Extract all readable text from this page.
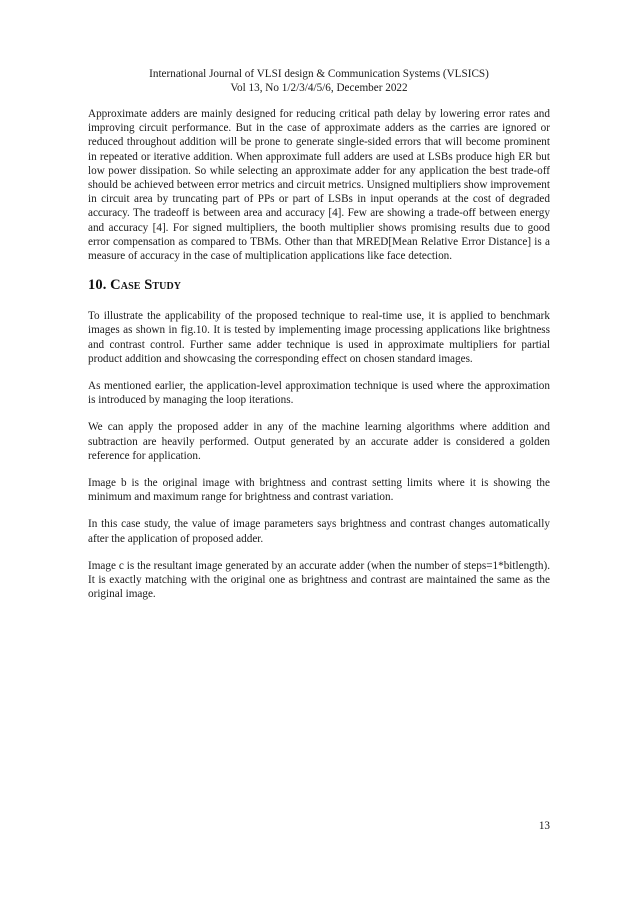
International Journal of VLSI design & Communication Systems (VLSICS)
Vol 13, No 1/2/3/4/5/6, December 2022

Approximate adders are mainly designed for reducing critical path delay by lowering error rates and improving circuit performance. But in the case of approximate adders as the carries are ignored or reduced throughout addition will be prone to generate single-sided errors that will become prominent in repeated or iterative addition. When approximate full adders are used at LSBs produce high ER but low power dissipation. So while selecting an approximate adder for any application the best trade-off should be achieved between error metrics and circuit metrics. Unsigned multipliers show improvement in circuit area by truncating part of PPs or part of LSBs in input operands at the cost of degraded accuracy. The tradeoff is between area and accuracy [4]. Few are showing a trade-off between energy and accuracy [4]. For signed multipliers, the booth multiplier shows promising results due to good error compensation as compared to TBMs. Other than that MRED[Mean Relative Error Distance] is a measure of accuracy in the case of multiplication applications like face detection.

10. Case Study

To illustrate the applicability of the proposed technique to real-time use, it is applied to benchmark images as shown in fig.10. It is tested by implementing image processing applications like brightness and contrast control. Further same adder technique is used in approximate multipliers for partial product addition and showcasing the corresponding effect on chosen standard images.

As mentioned earlier, the application-level approximation technique is used where the approximation is introduced by managing the loop iterations.

We can apply the proposed adder in any of the machine learning algorithms where addition and subtraction are heavily performed. Output generated by an accurate adder is considered a golden reference for application.

Image b is the original image with brightness and contrast setting limits where it is showing the minimum and maximum range for brightness and contrast variation.

In this case study, the value of image parameters says brightness and contrast changes automatically after the application of proposed adder.

Image c is the resultant image generated by an accurate adder (when the number of steps=1*bitlength). It is exactly matching with the original one as brightness and contrast are maintained the same as the original image.

13
